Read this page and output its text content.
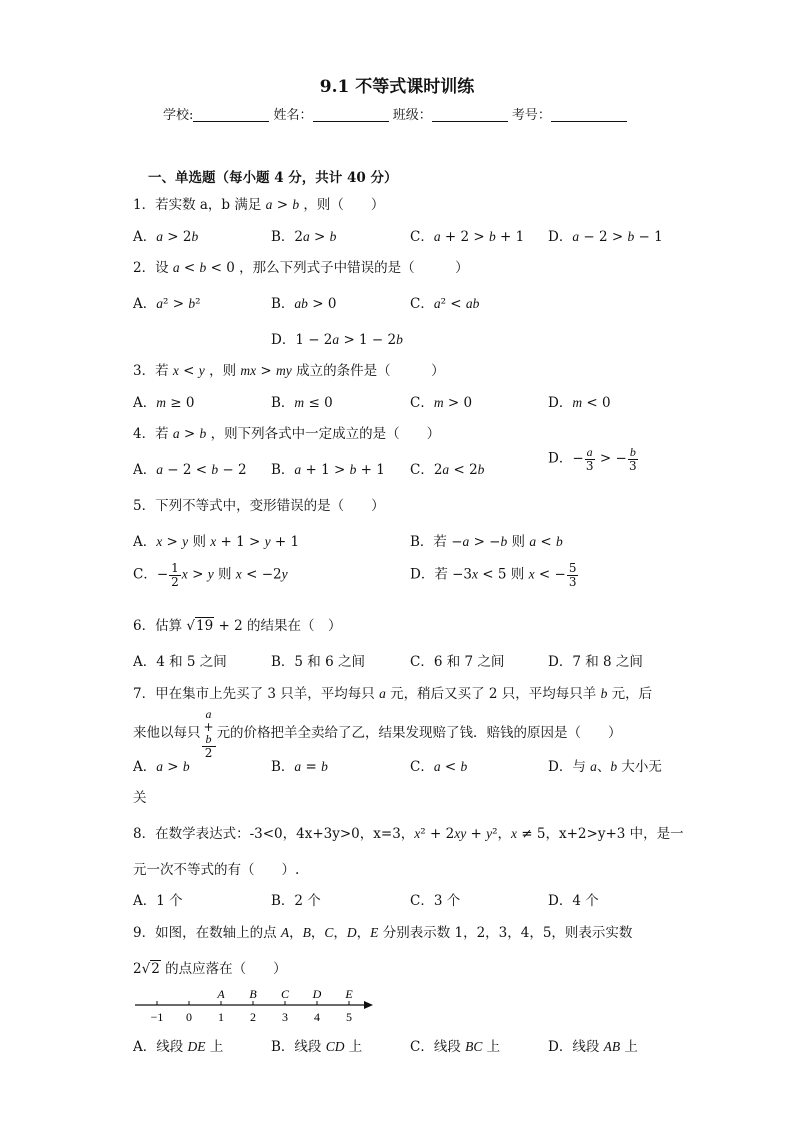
9.1 不等式课时训练
学校:	姓名：	班级：	考号：
一、单选题（每小题 4 分，共计 40 分）
1．若实数 a，b 满足 a > b ，则（　　）
A．a > 2b	B．2a > b	C．a + 2 > b + 1 D．a − 2 > b − 1
2．设 a < b < 0 ，那么下列式子中错误的是（　　　）
A．a² > b²	B．ab > 0	C．a² < ab
D．1 − 2a > 1 − 2b
3．若 x < y ，则 mx > my 成立的条件是（　　　）
A．m ≥ 0	B．m ≤ 0	C．m > 0	D．m < 0
4．若 a > b ，则下列各式中一定成立的是（　　）
A．a − 2 < b − 2 B．a + 1 > b + 1 C．2a < 2b
D．− $\frac{a}{3}$ > − $\frac{b}{3}$
5．下列不等式中，变形错误的是（　　）
A．x > y 则 x + 1 > y + 1	B．若 −a > −b 则 a < b
C．− $\frac{1}{2}$ x > y 则 x < −2y	D．若 −3x < 5 则 x < − $\frac{5}{3}$
6．估算 √19 + 2 的结果在（　）
A．4 和 5 之间	B．5 和 6 之间	C．6 和 7 之间	D．7 和 8 之间
7．甲在集市上先买了 3 只羊，平均每只 a 元，稍后又买了 2 只，平均每只羊 b 元，后
来他以每只 a
+
b
2 元的价格把羊全卖给了乙，结果发现赔了钱．赔钱的原因是（　　）
A．a > b	B．a = b	C．a < b	D．与 a、b 大小无
关
8．在数学表达式：-3<0，4x+3y>0，x=3，x² + 2xy + y²，x ≠ 5，x+2>y+3 中，是一
元一次不等式的有（　　）.
A．1 个	B．2 个	C．3 个	D．4 个
9．如图，在数轴上的点 A，B，C，D，E 分别表示数 1，2，3，4，5，则表示实数
2√2 的点应落在（　　）
−1 0 1 2 3 4 5
A B C D E
A．线段 DE 上	B．线段 CD 上	C．线段 BC 上	D．线段 AB 上
